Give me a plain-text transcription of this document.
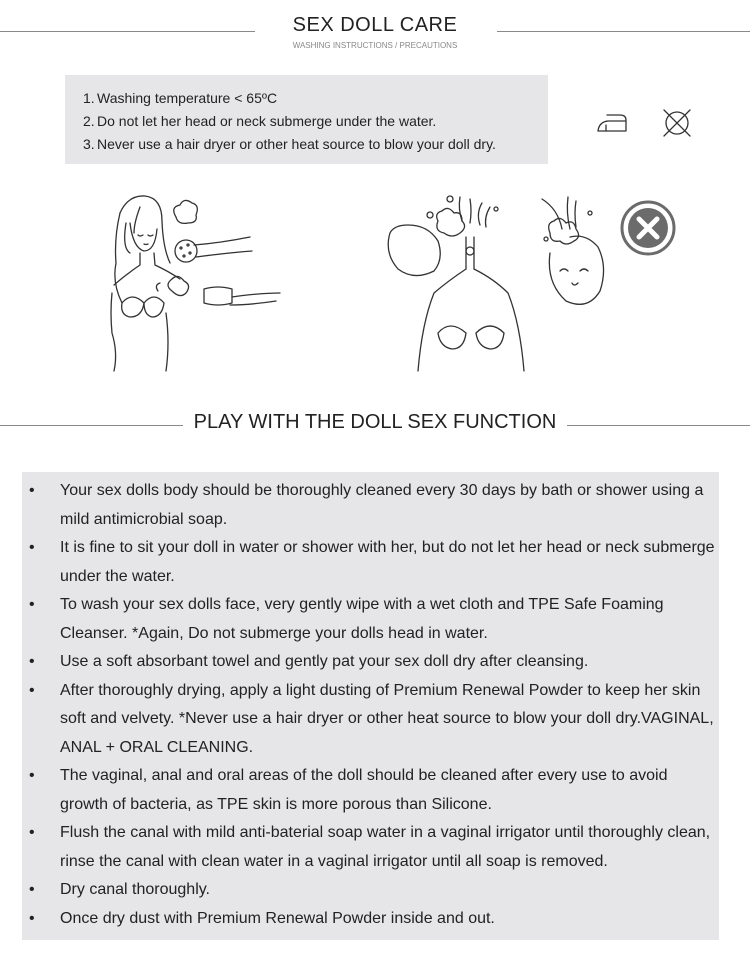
SEX DOLL CARE
WASHING INSTRUCTIONS / PRECAUTIONS
1. Washing temperature < 65ºC
2. Do not let her head or neck submerge under the water.
3. Never use a hair dryer or other heat source to blow your doll dry.
PLAY WITH THE DOLL SEX FUNCTION
• Your sex dolls body should be thoroughly cleaned every 30 days by bath or shower using a mild antimicrobial soap.
• It is fine to sit your doll in water or shower with her, but do not let her head or neck submerge under the water.
• To wash your sex dolls face, very gently wipe with a wet cloth and TPE Safe Foaming Cleanser. *Again, Do not submerge your dolls head in water.
• Use a soft absorbant towel and gently pat your sex doll dry after cleansing.
• After thoroughly drying, apply a light dusting of Premium Renewal Powder to keep her skin soft and velvety. *Never use a hair dryer or other heat source to blow your doll dry.VAGINAL, ANAL + ORAL CLEANING.
• The vaginal, anal and oral areas of the doll should be cleaned after every use to avoid growth of bacteria, as TPE skin is more porous than Silicone.
• Flush the canal with mild anti-baterial soap water in a vaginal irrigator until thoroughly clean, rinse the canal with clean water in a vaginal irrigator until all soap is removed.
• Dry canal thoroughly.
• Once dry dust with Premium Renewal Powder inside and out.
